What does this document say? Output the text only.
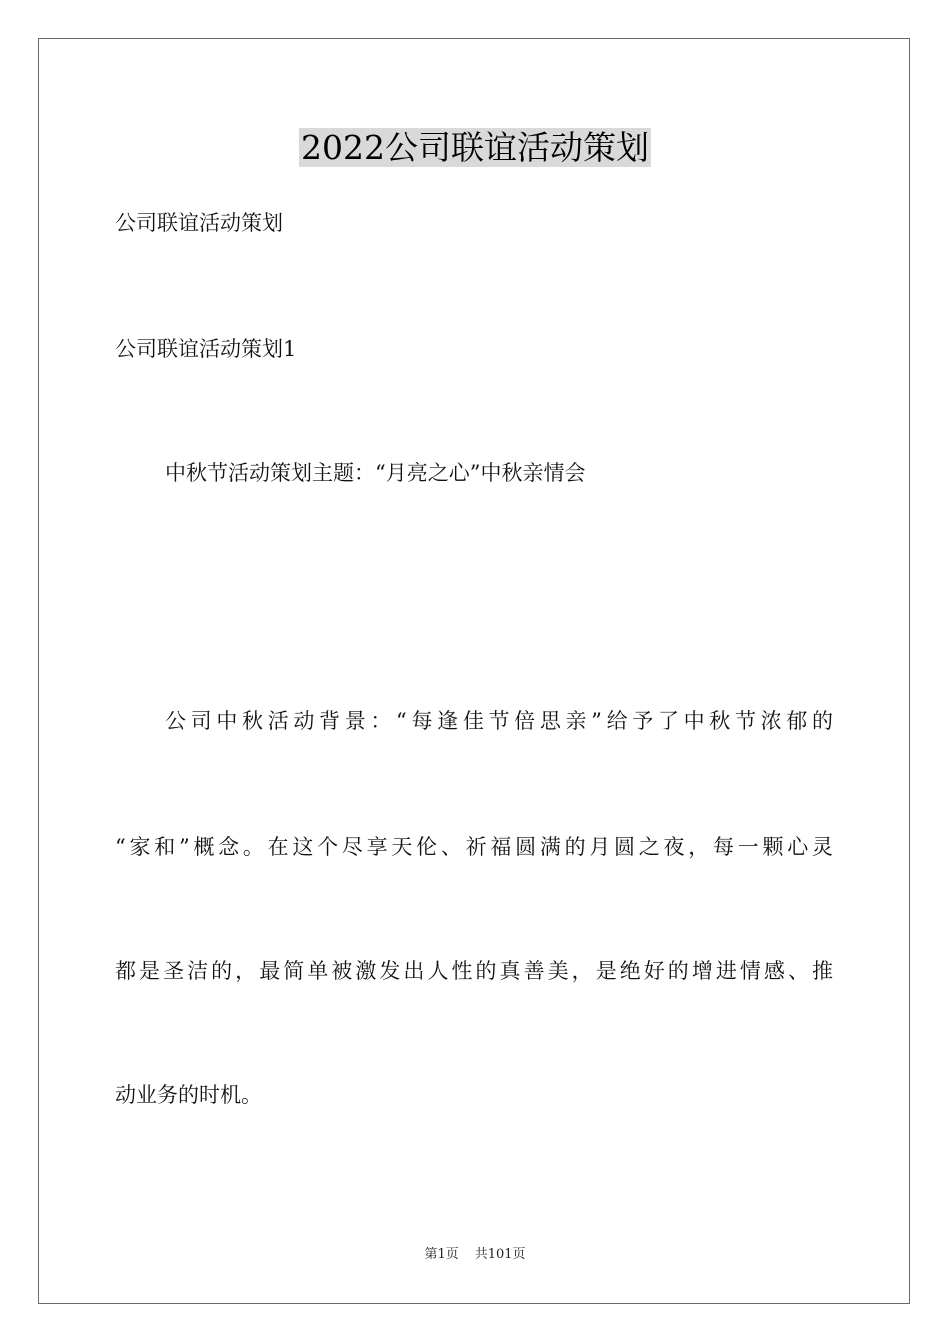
2022公司联谊活动策划

公司联谊活动策划

公司联谊活动策划1

中秋节活动策划主题：“月亮之心”中秋亲情会

公司中秋活动背景：“每逢佳节倍思亲”给予了中秋节浓郁的

“家和”概念。在这个尽享天伦、祈福圆满的月圆之夜，每一颗心灵

都是圣洁的，最简单被激发出人性的真善美，是绝好的增进情感、推

动业务的时机。

第1页 共101页
